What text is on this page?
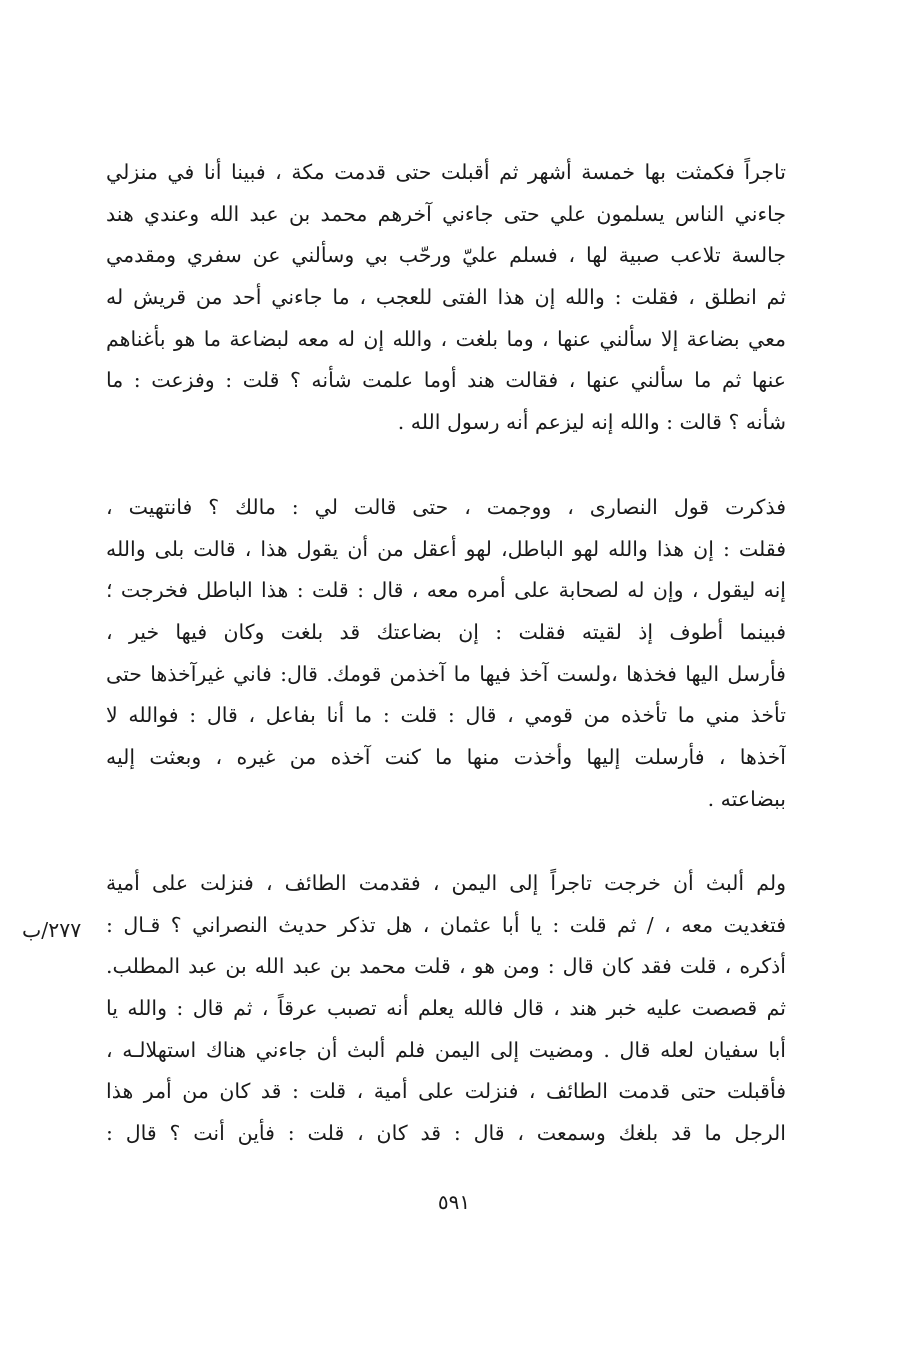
تاجراً فكمثت بها خمسة أشهر ثم أقبلت حتى قدمت مكة ، فبينا أنا في منزلي
جاءني الناس يسلمون علي حتى جاءني آخرهم محمد بن عبد الله وعندي هند
جالسة تلاعب صبية لها ، فسلم عليّ ورحّب بي وسألني عن سفري ومقدمي
ثم انطلق ، فقلت : والله إن هذا الفتى للعجب ، ما جاءني أحد من قريش له
معي بضاعة إلا سألني عنها ، وما بلغت ، والله إن له معه لبضاعة ما هو بأغناهم
عنها ثم ما سألني عنها ، فقالت هند أوما علمت شأنه ؟ قلت : وفزعت : ما
شأنه ؟ قالت : والله إنه ليزعم أنه رسول الله .
فذكرت قول النصارى ، ووجمت ، حتى قالت لي : مالك ؟ فانتهيت ،
فقلت : إن هذا والله لهو الباطل، لهو أعقل من أن يقول هذا ، قالت بلى والله
إنه ليقول ، وإن له لصحابة على أمره معه ، قال : قلت : هذا الباطل فخرجت ؛
فبينما أطوف إذ لقيته فقلت : إن بضاعتك قد بلغت وكان فيها خير ،
فأرسل اليها فخذها ،ولست آخذ فيها ما آخذمن قومك. قال: فاني غيرآخذها حتى
تأخذ مني ما تأخذه من قومي ، قال : قلت : ما أنا بفاعل ، قال : فوالله لا
آخذها ، فأرسلت إليها وأخذت منها ما كنت آخذه من غيره ، وبعثت إليه
ببضاعته .
ولم ألبث أن خرجت تاجراً إلى اليمن ، فقدمت الطائف ، فنزلت على أمية
فتغديت معه ، / ثم قلت : يا أبا عثمان ، هل تذكر حديث النصراني ؟ قـال :
أذكره ، قلت فقد كان قال : ومن هو ، قلت محمد بن عبد الله بن عبد المطلب.
ثم قصصت عليه خبر هند ، قال فالله يعلم أنه تصبب عرقاً ، ثم قال : والله يا
أبا سفيان لعله قال . ومضيت إلى اليمن فلم ألبث أن جاءني هناك استهلالـه ،
فأقبلت حتى قدمت الطائف ، فنزلت على أمية ، قلت : قد كان من أمر هذا
الرجل ما قد بلغك وسمعت ، قال : قد كان ، قلت : فأين أنت ؟ قال :
٢٧٧/ب
٥٩١
